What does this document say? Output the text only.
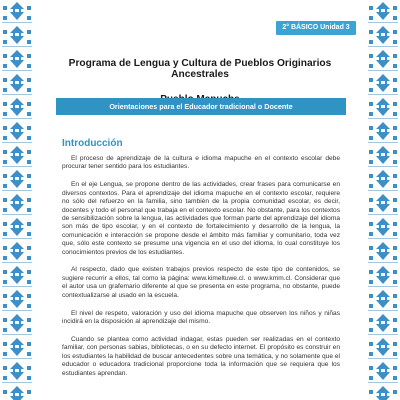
2° BÁSICO Unidad 3

Programa de Lengua y Cultura de Pueblos Originarios Ancestrales

Orientaciones para el Educador tradicional o Docente
Introducción

El proceso de aprendizaje de la cultura e idioma mapuche en el contexto escolar debe procurar tener sentido para los estudiantes.

En el eje Lengua, se propone dentro de las actividades, crear frases para comunicarse en diversos contextos. Para el aprendizaje del idioma mapuche en el contexto escolar, requiere no sólo del refuerzo en la familia, sino también de la propia comunidad escolar, es decir, docentes y todo el personal que trabaja en el contexto escolar. No obstante, para los contextos de sensibilización sobre la lengua, las actividades que forman parte del aprendizaje del idioma son más de tipo escolar, y en el contexto de fortalecimiento y desarrollo de la lengua, la comunicación e interacción se propone desde el ámbito más familiar y comunitario, toda vez que, sólo este contexto se presume una vigencia en el uso del idioma, lo cual constituye los conocimientos previos de los estudiantes.

Al respecto, dado que existen trabajos previos respecto de este tipo de contenidos, se sugiere recurrir a ellos, tal como la página: www.kimeltuwe.cl. o www.kmm.cl. Considerar que el autor usa un grafemario diferente al que se presenta en este programa, no obstante, puede contextualizarse al usado en la escuela.

El nivel de respeto, valoración y uso del idioma mapuche que observen los niños y niñas incidirá en la disposición al aprendizaje del mismo.

Cuando se plantea como actividad indagar, estas pueden ser realizadas en el contexto familiar, con personas sabias, bibliotecas, o en su defecto internet. El propósito es construir en los estudiantes la habilidad de buscar antecedentes sobre una temática, y no solamente que el educador o educadora tradicional proporcione toda la información que se requiera que los estudiantes aprendan.
